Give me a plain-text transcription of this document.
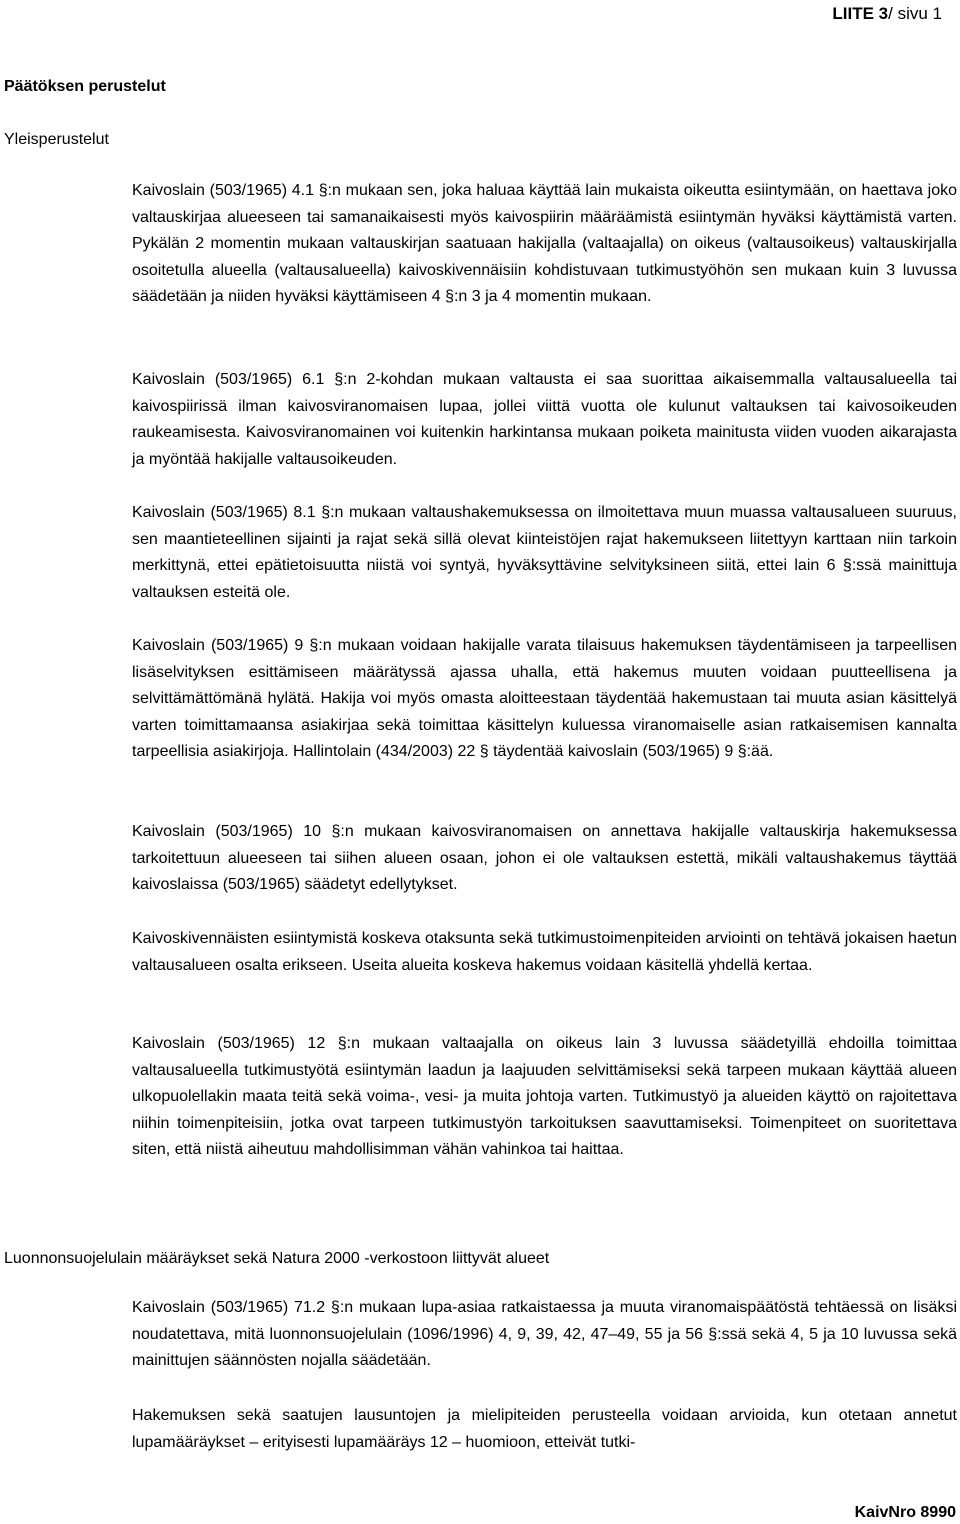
LIITE 3/ sivu 1
Päätöksen perustelut
Yleisperustelut

Kaivoslain (503/1965) 4.1 §:n mukaan sen, joka haluaa käyttää lain mukaista oikeutta esiintymään, on haettava joko valtauskirjaa alueeseen tai samanaikaisesti myös kaivospiirin määräämistä esiintymän hyväksi käyttämistä varten. Pykälän 2 momentin mukaan valtauskirjan saatuaan hakijalla (valtaajalla) on oikeus (valtausoikeus) valtauskirjalla osoitetulla alueella (valtausalueella) kaivoskivennäisiin kohdistuvaan tutkimustyöhön sen mukaan kuin 3 luvussa säädetään ja niiden hyväksi käyttämiseen 4 §:n 3 ja 4 momentin mukaan.

Kaivoslain (503/1965) 6.1 §:n 2-kohdan mukaan valtausta ei saa suorittaa aikaisemmalla valtausalueella tai kaivospiirissä ilman kaivosviranomaisen lupaa, jollei viittä vuotta ole kulunut valtauksen tai kaivosoikeuden raukeamisesta. Kaivosviranomainen voi kuitenkin harkintansa mukaan poiketa mainitusta viiden vuoden aikarajasta ja myöntää hakijalle valtausoikeuden.

Kaivoslain (503/1965) 8.1 §:n mukaan valtaushakemuksessa on ilmoitettava muun muassa valtausalueen suuruus, sen maantieteellinen sijainti ja rajat sekä sillä olevat kiinteistöjen rajat hakemukseen liitettyyn karttaan niin tarkoin merkittynä, ettei epätietoisuutta niistä voi syntyä, hyväksyttävine selvityksineen siitä, ettei lain 6 §:ssä mainittuja valtauksen esteitä ole.

Kaivoslain (503/1965) 9 §:n mukaan voidaan hakijalle varata tilaisuus hakemuksen täydentämiseen ja tarpeellisen lisäselvityksen esittämiseen määrätyssä ajassa uhalla, että hakemus muuten voidaan puutteellisena ja selvittämättömänä hylätä. Hakija voi myös omasta aloitteestaan täydentää hakemustaan tai muuta asian käsittelyä varten toimittamaansa asiakirjaa sekä toimittaa käsittelyn kuluessa viranomaiselle asian ratkaisemisen kannalta tarpeellisia asiakirjoja. Hallintolain (434/2003) 22 § täydentää kaivoslain (503/1965) 9 §:ää.

Kaivoslain (503/1965) 10 §:n mukaan kaivosviranomaisen on annettava hakijalle valtauskirja hakemuksessa tarkoitettuun alueeseen tai siihen alueen osaan, johon ei ole valtauksen estettä, mikäli valtaushakemus täyttää kaivoslaissa (503/1965) säädetyt edellytykset.

Kaivoskivennäisten esiintymistä koskeva otaksunta sekä tutkimustoimenpiteiden arviointi on tehtävä jokaisen haetun valtausalueen osalta erikseen. Useita alueita koskeva hakemus voidaan käsitellä yhdellä kertaa.

Kaivoslain (503/1965) 12 §:n mukaan valtaajalla on oikeus lain 3 luvussa säädetyillä ehdoilla toimittaa valtausalueella tutkimustyötä esiintymän laadun ja laajuuden selvittämiseksi sekä tarpeen mukaan käyttää alueen ulkopuolellakin maata teitä sekä voima-, vesi- ja muita johtoja varten. Tutkimustyö ja alueiden käyttö on rajoitettava niihin toimenpiteisiin, jotka ovat tarpeen tutkimustyön tarkoituksen saavuttamiseksi. Toimenpiteet on suoritettava siten, että niistä aiheutuu mahdollisimman vähän vahinkoa tai haittaa.

Luonnonsuojelulain määräykset sekä Natura 2000 -verkostoon liittyvät alueet

Kaivoslain (503/1965) 71.2 §:n mukaan lupa-asiaa ratkaistaessa ja muuta viranomaispäätöstä tehtäessä on lisäksi noudatettava, mitä luonnonsuojelulain (1096/1996) 4, 9, 39, 42, 47–49, 55 ja 56 §:ssä sekä 4, 5 ja 10 luvussa sekä mainittujen säännösten nojalla säädetään.

Hakemuksen sekä saatujen lausuntojen ja mielipiteiden perusteella voidaan arvioida, kun otetaan annetut lupamääräykset – erityisesti lupamääräys 12 – huomioon, etteivät tutki-

KaivNro 8990
